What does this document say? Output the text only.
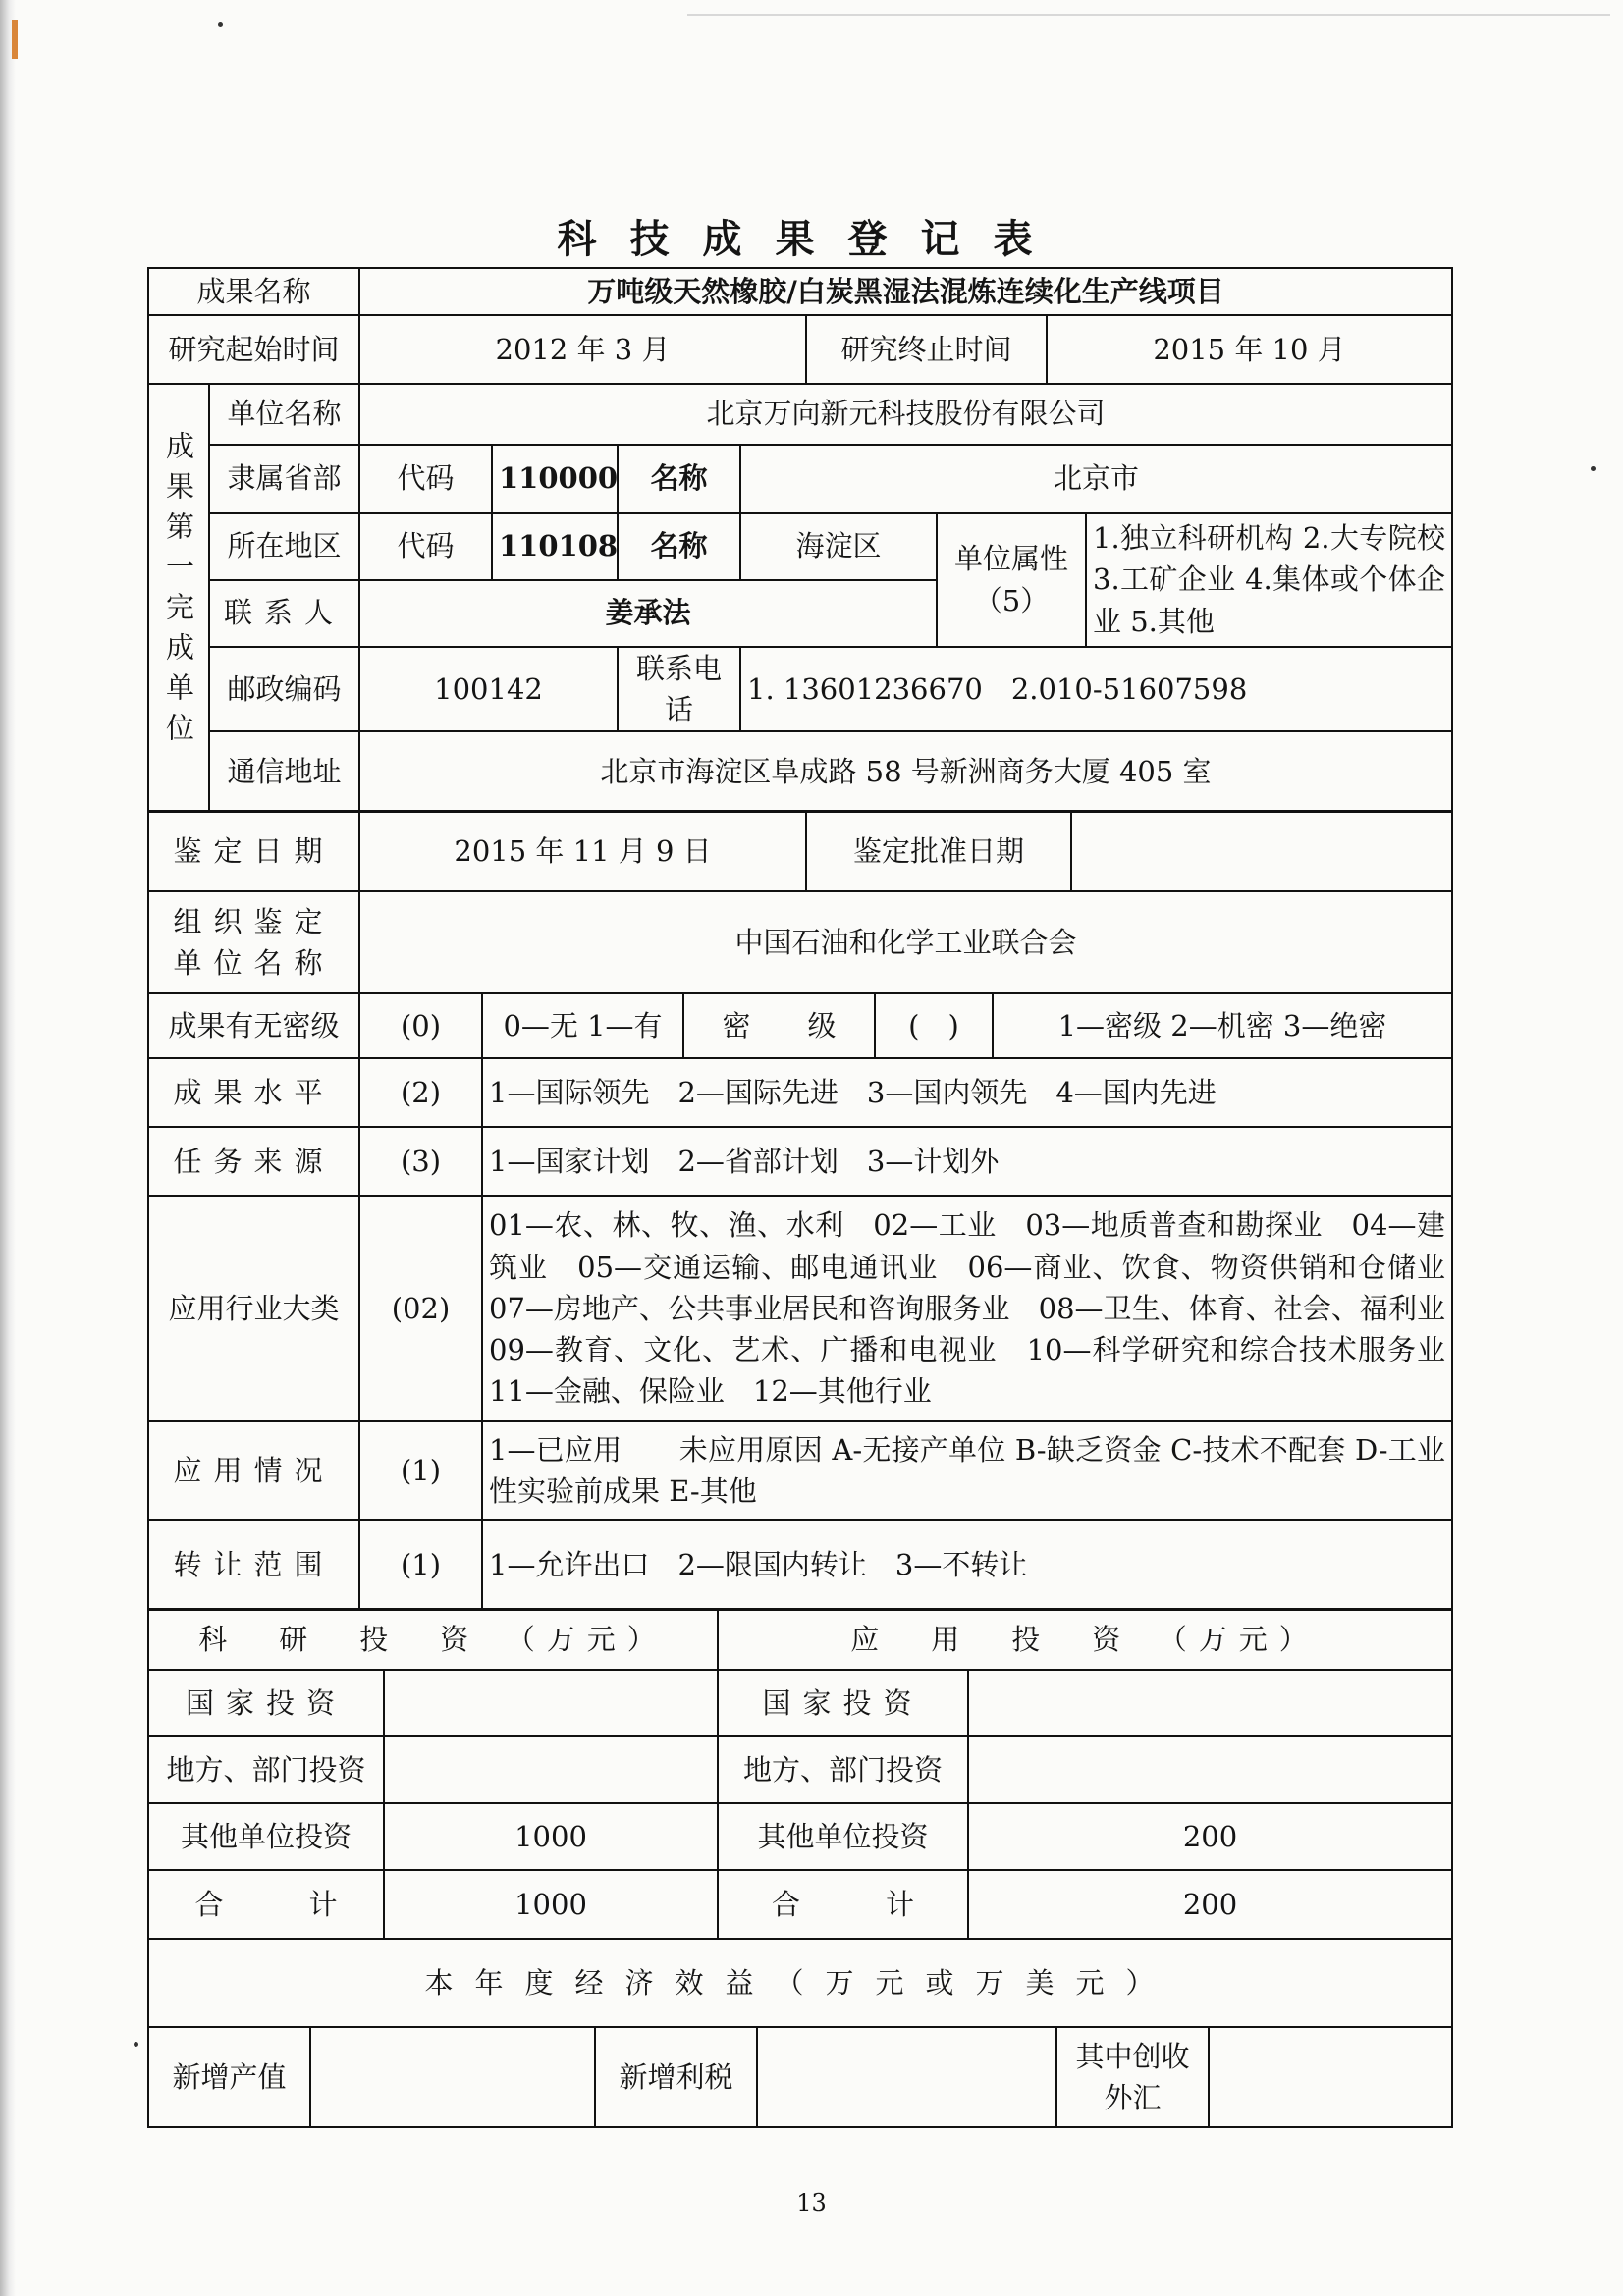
科技成果登记表
成果名称	万吨级天然橡胶/白炭黑湿法混炼连续化生产线项目		
研究起始时间	2012 年 3 月	研究终止时间	2015 年 10 月
成果第一完成单位	单位名称	北京万向新元科技股份有限公司					
	隶属省部	代码	110000	名称	北京市		
	所在地区	代码	110108	名称	海淀区	单位属性（5）	1.独立科研机构 2.大专院校 3.工矿企业 4.集体或个体企业 5.其他
	联系人	姜承法					
	邮政编码	100142		联系电话	1. 13601236670　2.010-51607598		
	通信地址	北京市海淀区阜成路 58 号新洲商务大厦 405 室					
鉴定日期	2015 年 11 月 9 日	鉴定批准日期	
组织鉴定单位名称	中国石油和化学工业联合会		
成果有无密级	(0)	0—无 1—有	密　　级	(　)	1—密级 2—机密 3—绝密
成果水平	(2)	1—国际领先　2—国际先进　3—国内领先　4—国内先进			
任务来源	(3)	1—国家计划　2—省部计划　3—计划外			
应用行业大类	(02)	01—农、林、牧、渔、水利　02—工业　03—地质普查和勘探业　04—建筑业　05—交通运输、邮电通讯业　06—商业、饮食、物资供销和仓储业　07—房地产、公共事业居民和咨询服务业　08—卫生、体育、社会、福利业　09—教育、文化、艺术、广播和电视业　10—科学研究和综合技术服务业　11—金融、保险业　12—其他行业			
应用情况	(1)	1—已应用　　未应用原因 A-无接产单位 B-缺乏资金 C-技术不配套 D-工业性实验前成果 E-其他			
转让范围	(1)	1—允许出口　2—限国内转让　3—不转让			
科　研　投　资　（万元）		应　用　投　资　（万元）	
国家投资		国家投资	
地方、部门投资		地方、部门投资	
其他单位投资	1000	其他单位投资	200
合　　　计	1000	合　　　计	200
本年度经济效益（万元或万美元）
新增产值		新增利税		其中创收外汇	
13
